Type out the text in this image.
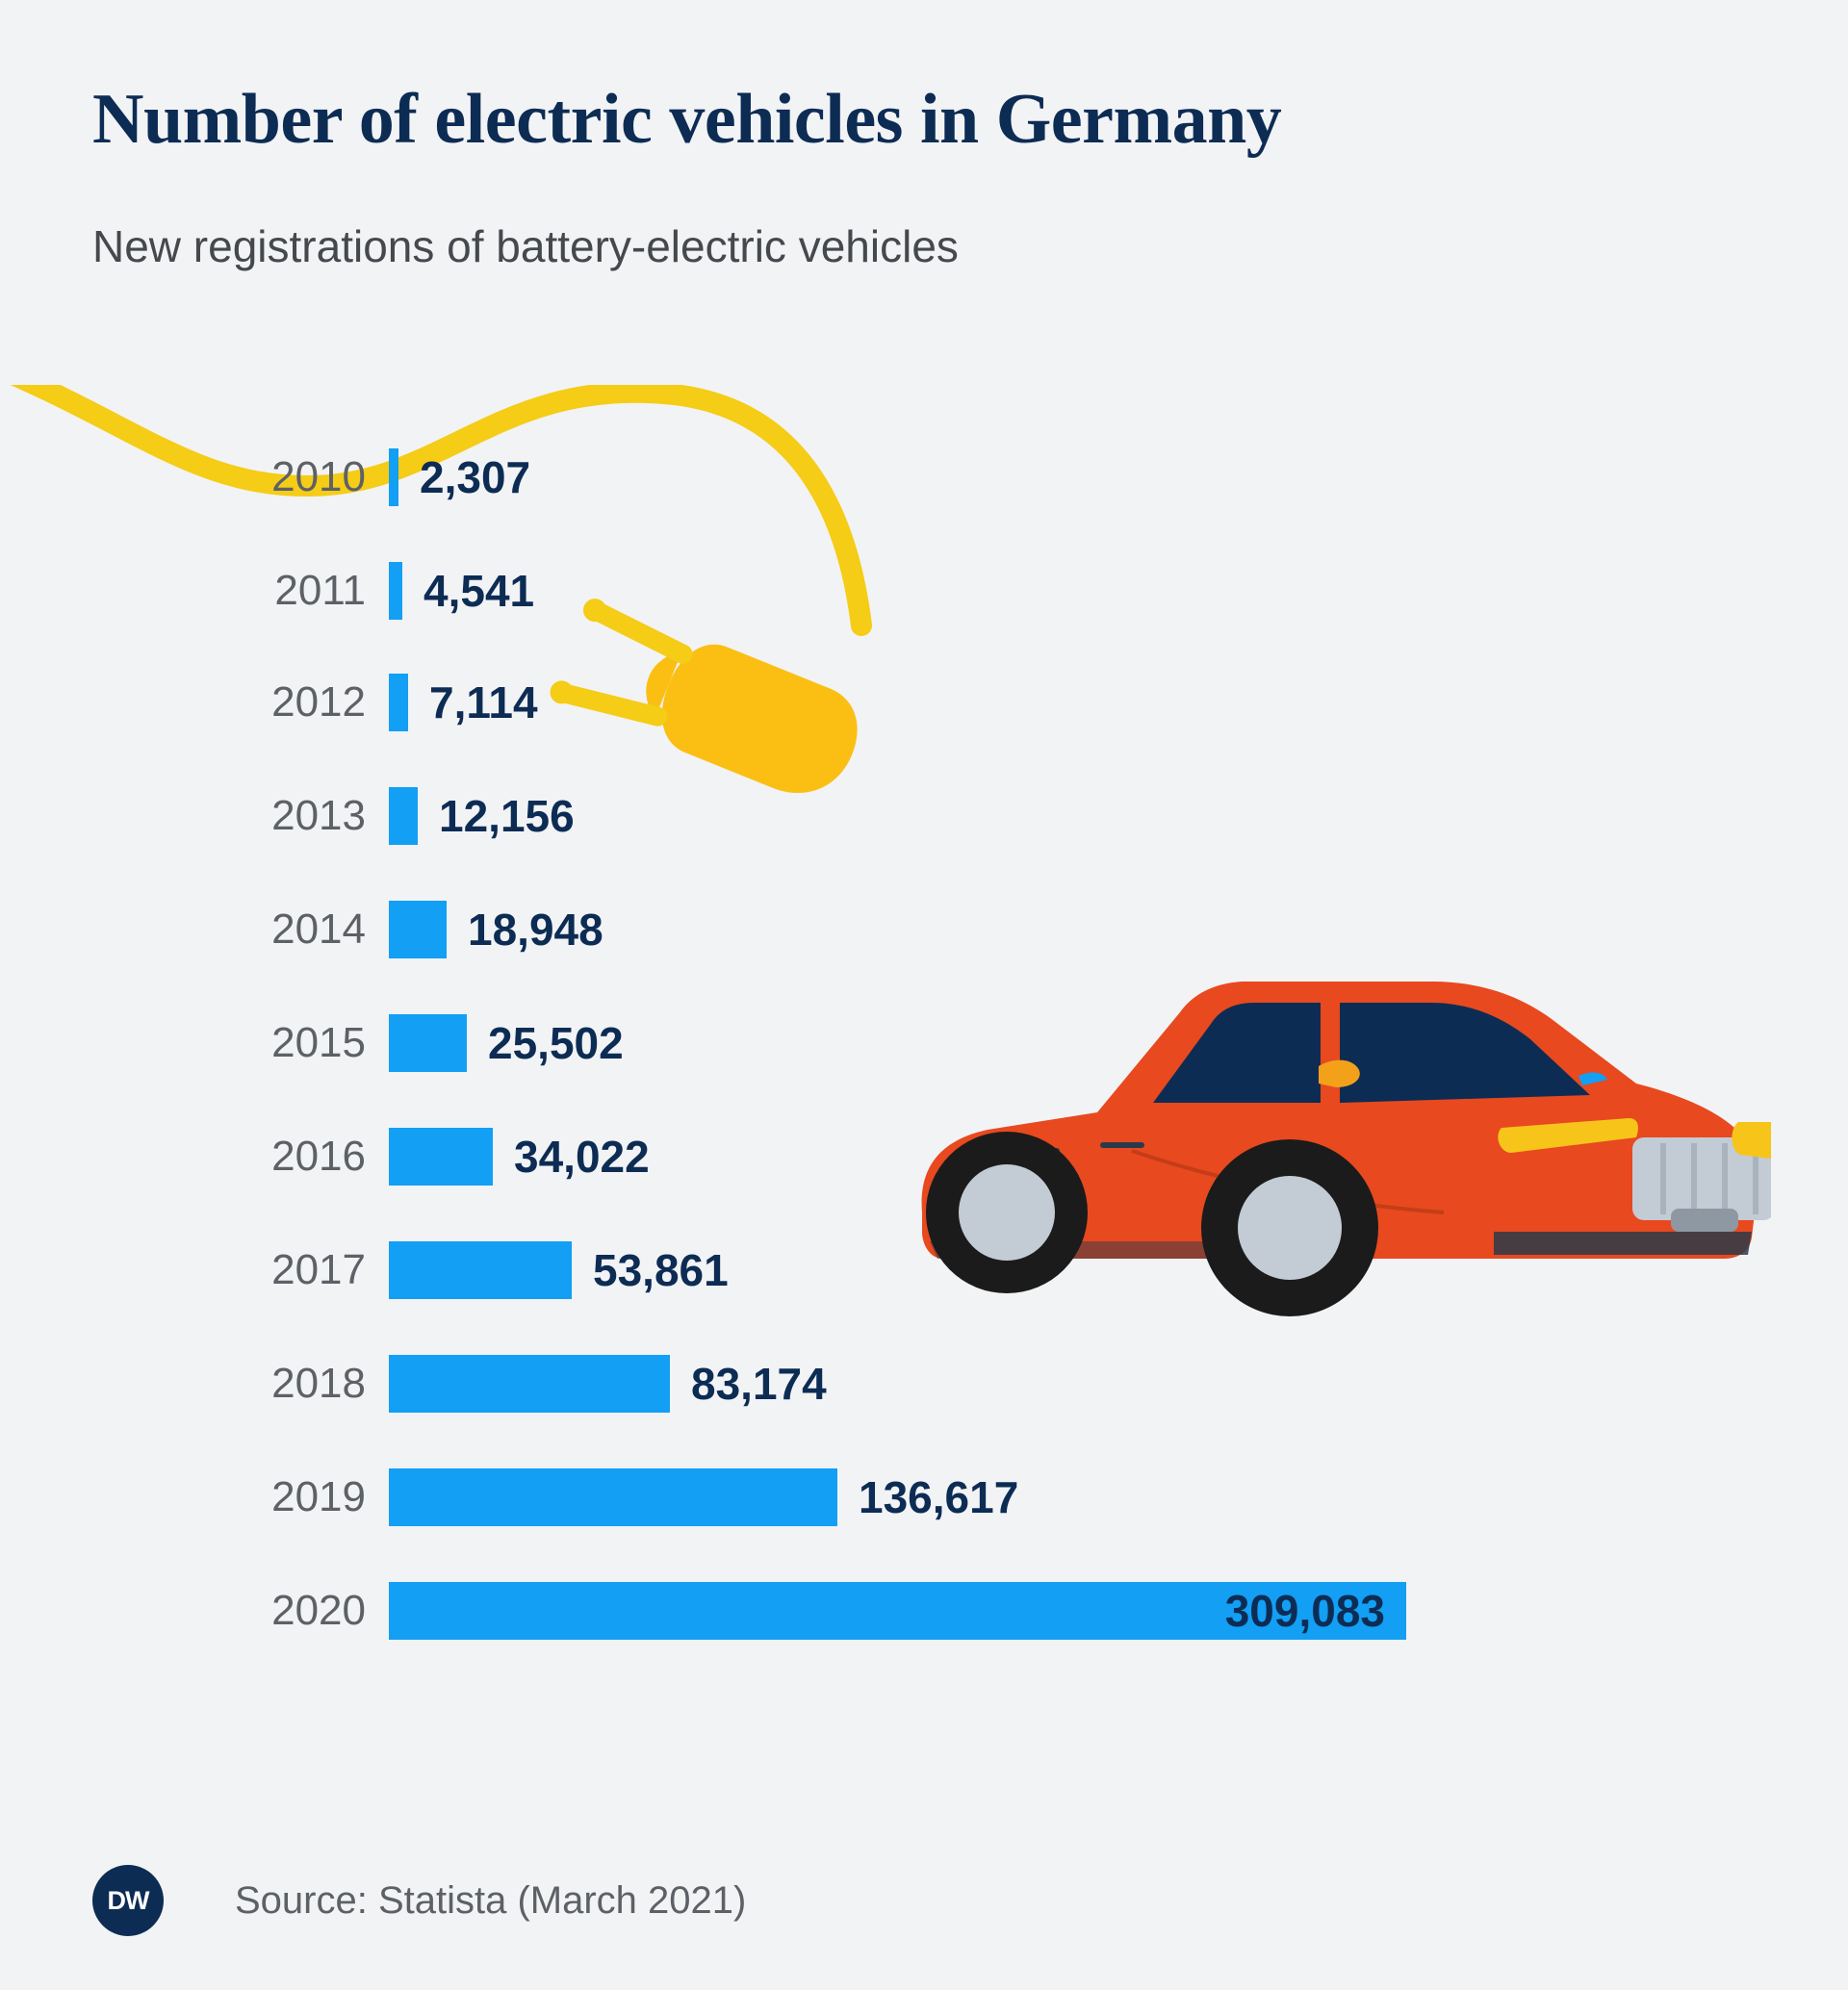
Number of electric vehicles in Germany
New registrations of battery-electric vehicles
2010 2,307
2011 4,541
2012 7,114
2013 12,156
2014 18,948
2015	25,502
2016	34,022
2017	53,861
2018	83,174
2019	136,617
2020	309,083
DW	Source: Statista (March 2021)
